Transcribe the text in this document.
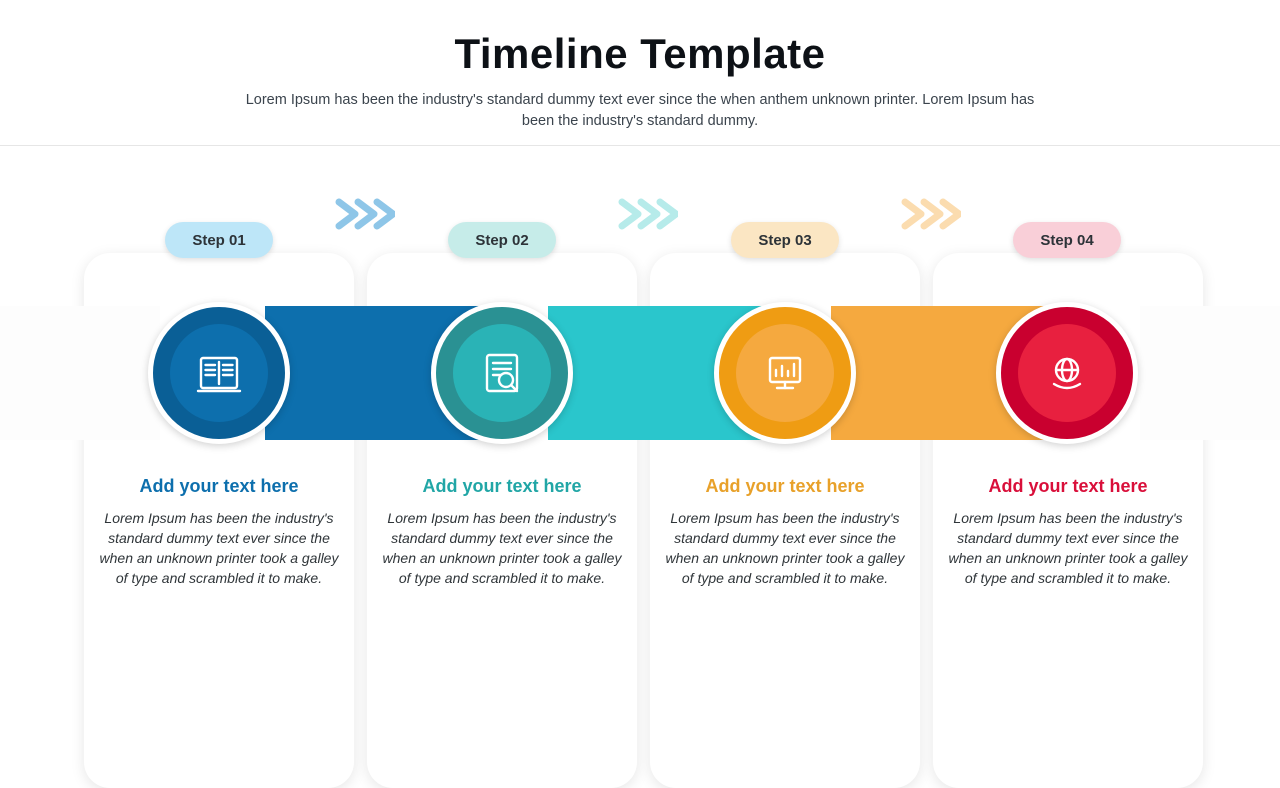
Timeline Template

Lorem Ipsum has been the industry's standard dummy text ever since the when anthem unknown printer. Lorem Ipsum has been the industry's standard dummy.

Step 01
Add your text here
Lorem Ipsum has been the industry's standard dummy text ever since the when an unknown printer took a galley of type and scrambled it to make.
Step 02
Add your text here
Lorem Ipsum has been the industry's standard dummy text ever since the when an unknown printer took a galley of type and scrambled it to make.
Step 03
Add your text here
Lorem Ipsum has been the industry's standard dummy text ever since the when an unknown printer took a galley of type and scrambled it to make.
Step 04
Add your text here
Lorem Ipsum has been the industry's standard dummy text ever since the when an unknown printer took a galley of type and scrambled it to make.
